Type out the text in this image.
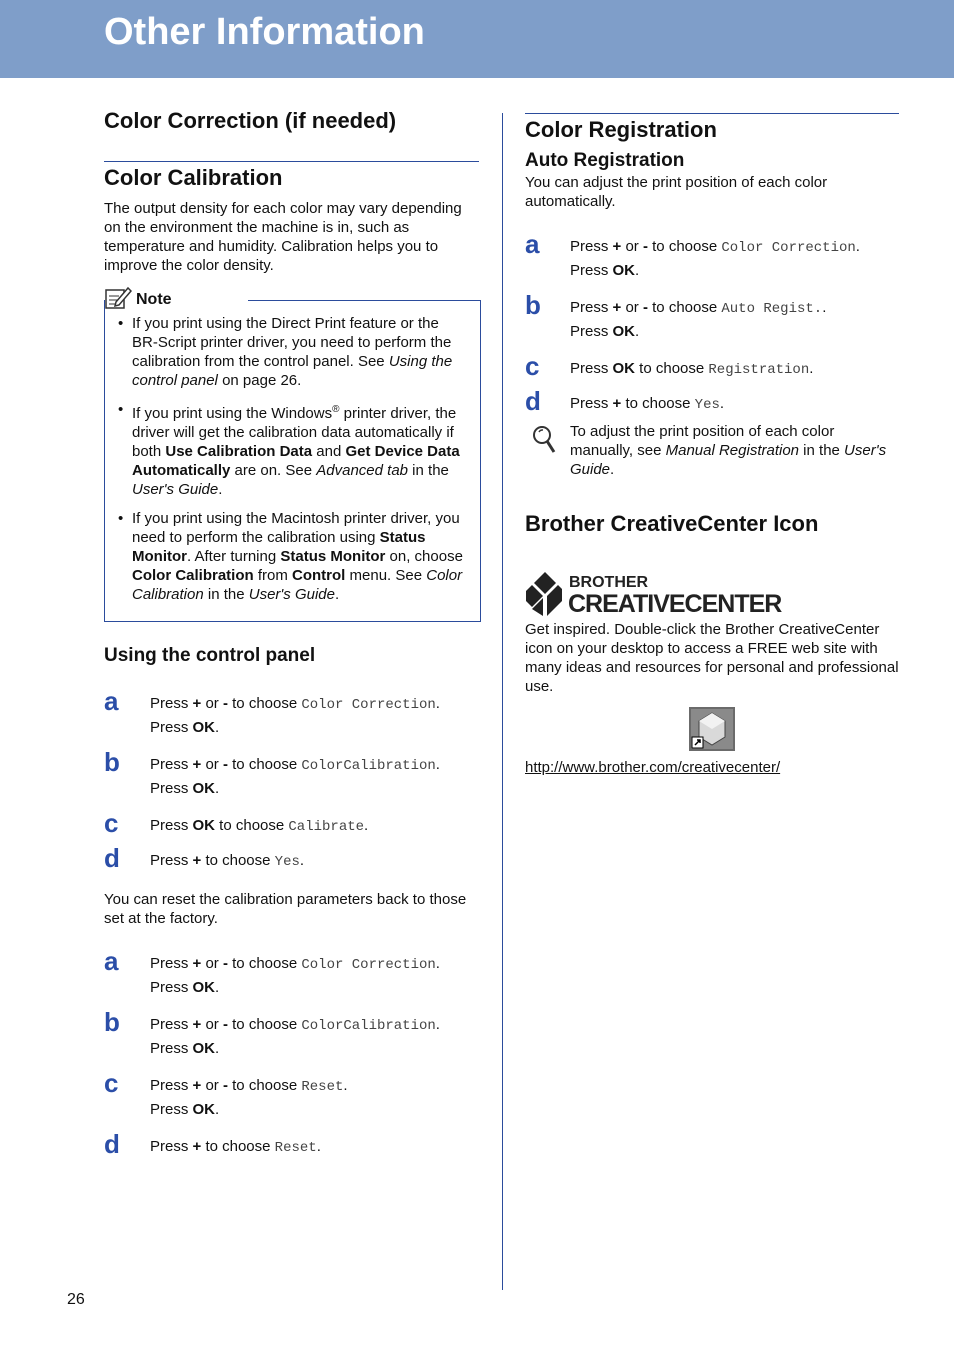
Other Information
Color Correction (if needed)
Color Calibration
The output density for each color may vary depending on the environment the machine is in, such as temperature and humidity. Calibration helps you to improve the color density.
Note
• If you print using the Direct Print feature or the BR-Script printer driver, you need to perform the calibration from the control panel. See Using the control panel on page 26.
• If you print using the Windows® printer driver, the driver will get the calibration data automatically if both Use Calibration Data and Get Device Data Automatically are on. See Advanced tab in the User's Guide.
• If you print using the Macintosh printer driver, you need to perform the calibration using Status Monitor. After turning Status Monitor on, choose Color Calibration from Control menu. See Color Calibration in the User's Guide.
Using the control panel
a Press + or - to choose Color Correction.
Press OK.
b Press + or - to choose ColorCalibration.
Press OK.
c Press OK to choose Calibrate.
d Press + to choose Yes.
You can reset the calibration parameters back to those set at the factory.
a Press + or - to choose Color Correction.
Press OK.
b Press + or - to choose ColorCalibration.
Press OK.
c Press + or - to choose Reset.
Press OK.
d Press + to choose Reset.
Color Registration
Auto Registration
You can adjust the print position of each color automatically.
a Press + or - to choose Color Correction.
Press OK.
b Press + or - to choose Auto Regist..
Press OK.
c Press OK to choose Registration.
d Press + to choose Yes.
To adjust the print position of each color manually, see Manual Registration in the User's Guide.
Brother CreativeCenter Icon
BROTHER
CREATIVECENTER
Get inspired. Double-click the Brother CreativeCenter icon on your desktop to access a FREE web site with many ideas and resources for personal and professional use.
http://www.brother.com/creativecenter/
26
